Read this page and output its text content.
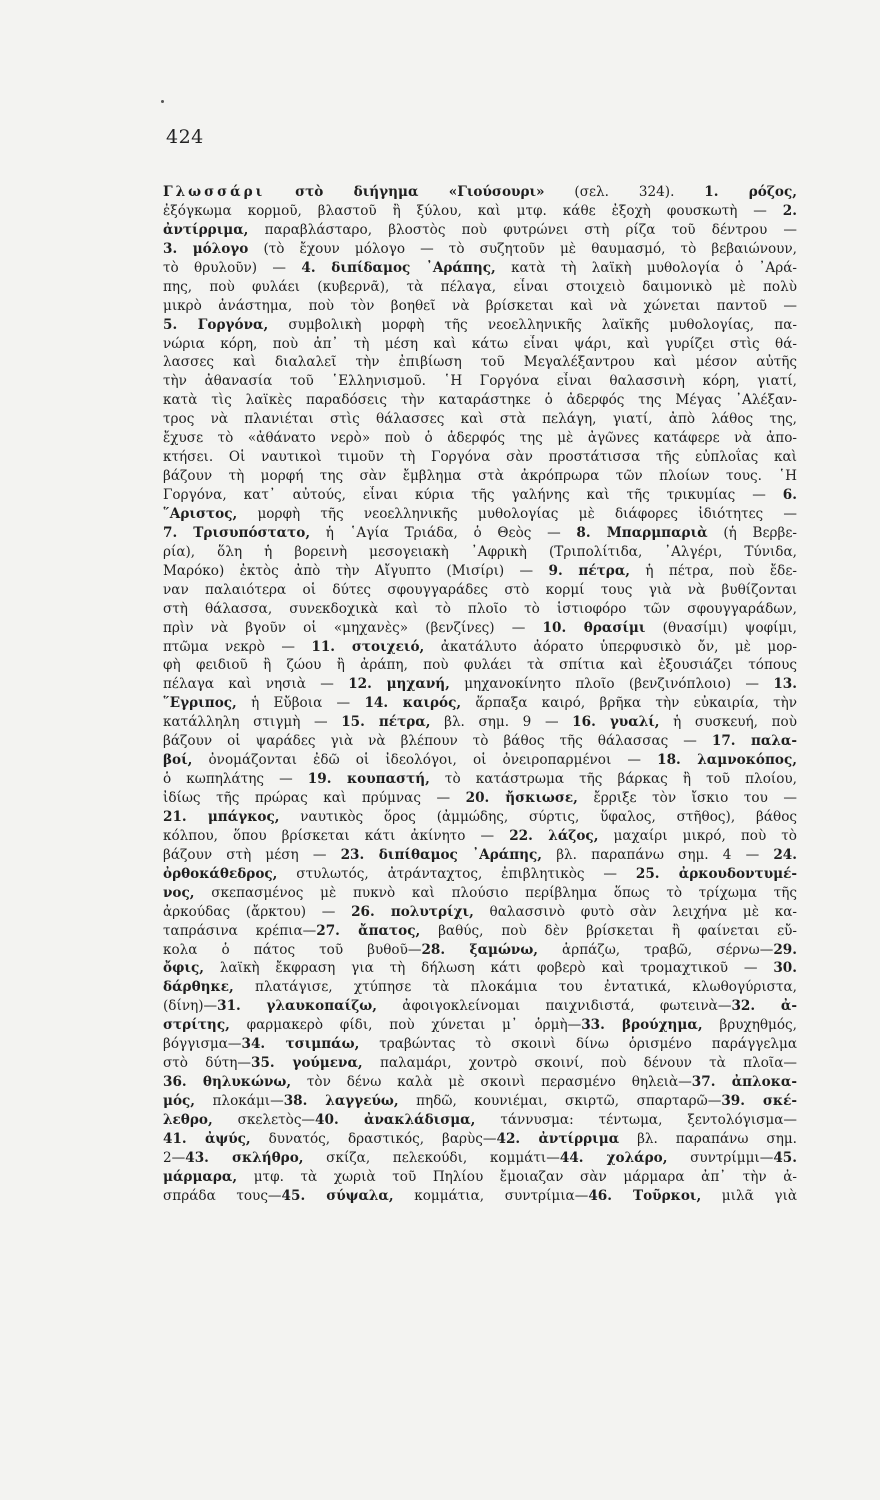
424
Γλωσσάρι στὸ διήγημα «Γιούσουρι» (σελ. 324). 1. ρόζος,
ἐξόγκωμα κορμοῦ, βλαστοῦ ἢ ξύλου, καὶ μτφ. κάθε ἐξοχὴ φουσκωτὴ — 2.
ἀντίρριμα, παραβλάσταρο, βλοστὸς ποὺ φυτρώνει στὴ ρίζα τοῦ δέντρου —
3. μόλογο (τὸ ἔχουν μόλογο — τὸ συζητοῦν μὲ θαυμασμό, τὸ βεβαιώνουν,
τὸ θρυλοῦν) — 4. διπίδαμος ᾿Αράπης, κατὰ τὴ λαϊκὴ μυθολογία ὁ ᾿Αρά-
πης, ποὺ φυλάει (κυβερνᾶ), τὰ πέλαγα, εἶναι στοιχειὸ δαιμονικὸ μὲ πολὺ
μικρὸ ἀνάστημα, ποὺ τὸν βοηθεῖ νὰ βρίσκεται καὶ νὰ χώνεται παντοῦ —
5. Γοργόνα, συμβολικὴ μορφὴ τῆς νεοελληνικῆς λαϊκῆς μυθολογίας, πα-
νώρια κόρη, ποὺ ἀπ᾿ τὴ μέση καὶ κάτω εἶναι ψάρι, καὶ γυρίζει στὶς θά-
λασσες καὶ διαλαλεῖ τὴν ἐπιβίωση τοῦ Μεγαλέξαντρου καὶ μέσον αὐτῆς
τὴν ἀθανασία τοῦ ῾Ελληνισμοῦ. ῾Η Γοργόνα εἶναι θαλασσινὴ κόρη, γιατί,
κατὰ τὶς λαϊκὲς παραδόσεις τὴν καταράστηκε ὁ ἀδερφός της Μέγας ᾿Αλέξαν-
τρος νὰ πλανιέται στὶς θάλασσες καὶ στὰ πελάγη, γιατί, ἀπὸ λάθος της,
ἔχυσε τὸ «ἀθάνατο νερὸ» ποὺ ὁ ἀδερφός της μὲ ἀγῶνες κατάφερε νὰ ἀπο-
κτήσει. Οἱ ναυτικοὶ τιμοῦν τὴ Γοργόνα σὰν προστάτισσα τῆς εὐπλοΐας καὶ
βάζουν τὴ μορφή της σὰν ἔμβλημα στὰ ἀκρόπρωρα τῶν πλοίων τους. ῾Η
Γοργόνα, κατ᾿ αὐτούς, εἶναι κύρια τῆς γαλήνης καὶ τῆς τρικυμίας — 6.
῞Αριστος, μορφὴ τῆς νεοελληνικῆς μυθολογίας μὲ διάφορες ἰδιότητες —
7. Τρισυπόστατο, ἡ ῾Αγία Τριάδα, ὁ Θεὸς — 8. Μπαρμπαριὰ (ἡ Βερβε-
ρία), ὅλη ἡ βορεινὴ μεσογειακὴ ᾿Αφρικὴ (Τριπολίτιδα, ᾿Αλγέρι, Τύνιδα,
Μαρόκο) ἐκτὸς ἀπὸ τὴν Αἴγυπτο (Μισίρι) — 9. πέτρα, ἡ πέτρα, ποὺ ἔδε-
ναν παλαιότερα οἱ δύτες σφουγγαράδες στὸ κορμί τους γιὰ νὰ βυθίζονται
στὴ θάλασσα, συνεκδοχικὰ καὶ τὸ πλοῖο τὸ ἱστιοφόρο τῶν σφουγγαράδων,
πρὶν νὰ βγοῦν οἱ «μηχανὲς» (βενζίνες) — 10. θρασίμι (θνασίμι) ψοφίμι,
πτῶμα νεκρὸ — 11. στοιχειό, ἀκατάλυτο ἀόρατο ὑπερφυσικὸ ὄν, μὲ μορ-
φὴ φειδιοῦ ἢ ζώου ἢ ἀράπη, ποὺ φυλάει τὰ σπίτια καὶ ἐξουσιάζει τόπους
πέλαγα καὶ νησιὰ — 12. μηχανή, μηχανοκίνητο πλοῖο (βενζινόπλοιο) — 13.
῞Εγριπος, ἡ Εὔβοια — 14. καιρός, ἅρπαξα καιρό, βρῆκα τὴν εὐκαιρία, τὴν
κατάλληλη στιγμὴ — 15. πέτρα, βλ. σημ. 9 — 16. γυαλί, ἡ συσκευή, ποὺ
βάζουν οἱ ψαράδες γιὰ νὰ βλέπουν τὸ βάθος τῆς θάλασσας — 17. παλα-
βοί, ὀνομάζονται ἐδῶ οἱ ἰδεολόγοι, οἱ ὀνειροπαρμένοι — 18. λαμνοκόπος,
ὁ κωπηλάτης — 19. κουπαστή, τὸ κατάστρωμα τῆς βάρκας ἢ τοῦ πλοίου,
ἰδίως τῆς πρώρας καὶ πρύμνας — 20. ἤσκιωσε, ἔρριξε τὸν ἴσκιο του —
21. μπάγκος, ναυτικὸς ὅρος (ἀμμώδης, σύρτις, ὕφαλος, στῆθος), βάθος
κόλπου, ὅπου βρίσκεται κάτι ἀκίνητο — 22. λάζος, μαχαίρι μικρό, ποὺ τὸ
βάζουν στὴ μέση — 23. διπίθαμος ᾿Αράπης, βλ. παραπάνω σημ. 4 — 24.
ὀρθοκάθεδρος, στυλωτός, ἀτράνταχτος, ἐπιβλητικὸς — 25. ἀρκουδοντυμέ-
νος, σκεπασμένος μὲ πυκνὸ καὶ πλούσιο περίβλημα ὅπως τὸ τρίχωμα τῆς
ἀρκούδας (ἄρκτου) — 26. πολυτρίχι, θαλασσινὸ φυτὸ σὰν λειχήνα μὲ κα-
ταπράσινα κρέπια—27. ἄπατος, βαθύς, ποὺ δὲν βρίσκεται ἢ φαίνεται εὔ-
κολα ὁ πάτος τοῦ βυθοῦ—28. ξαμώνω, ἁρπάζω, τραβῶ, σέρνω—29.
ὄφις, λαϊκὴ ἔκφραση για τὴ δήλωση κάτι φοβερὸ καὶ τρομαχτικοῦ — 30.
δάρθηκε, πλατάγισε, χτύπησε τὰ πλοκάμια του ἐντατικά, κλωθογύριστα,
(δίνη)—31. γλαυκοπαίζω, ἀφοιγοκλείνομαι παιχνιδιστά, φωτεινὰ—32. ἀ-
στρίτης, φαρμακερὸ φίδι, ποὺ χύνεται μ᾿ ὁρμὴ—33. βρούχημα, βρυχηθμός,
βόγγισμα—34. τσιμπάω, τραβώντας τὸ σκοινὶ δίνω ὁρισμένο παράγγελμα
στὸ δύτη—35. γούμενα, παλαμάρι, χοντρὸ σκοινί, ποὺ δένουν τὰ πλοῖα—
36. θηλυκώνω, τὸν δένω καλὰ μὲ σκοινὶ περασμένο θηλειὰ—37. ἀπλοκα-
μός, πλοκάμι—38. λαγγεύω, πηδῶ, κουνιέμαι, σκιρτῶ, σπαρταρῶ—39. σκέ-
λεθρο, σκελετὸς—40. ἀνακλάδισμα, τάννυσμα: τέντωμα, ξεντολόγισμα—
41. ἀψύς, δυνατός, δραστικός, βαρὺς—42. ἀντίρριμα βλ. παραπάνω σημ.
2—43. σκλήθρο, σκίζα, πελεκούδι, κομμάτι—44. χολάρο, συντρίμμι—45.
μάρμαρα, μτφ. τὰ χωριὰ τοῦ Πηλίου ἔμοιαζαν σὰν μάρμαρα ἀπ᾿ τὴν ἀ-
σπράδα τους—45. σύψαλα, κομμάτια, συντρίμια—46. Τοῦρκοι, μιλᾶ γιὰ
